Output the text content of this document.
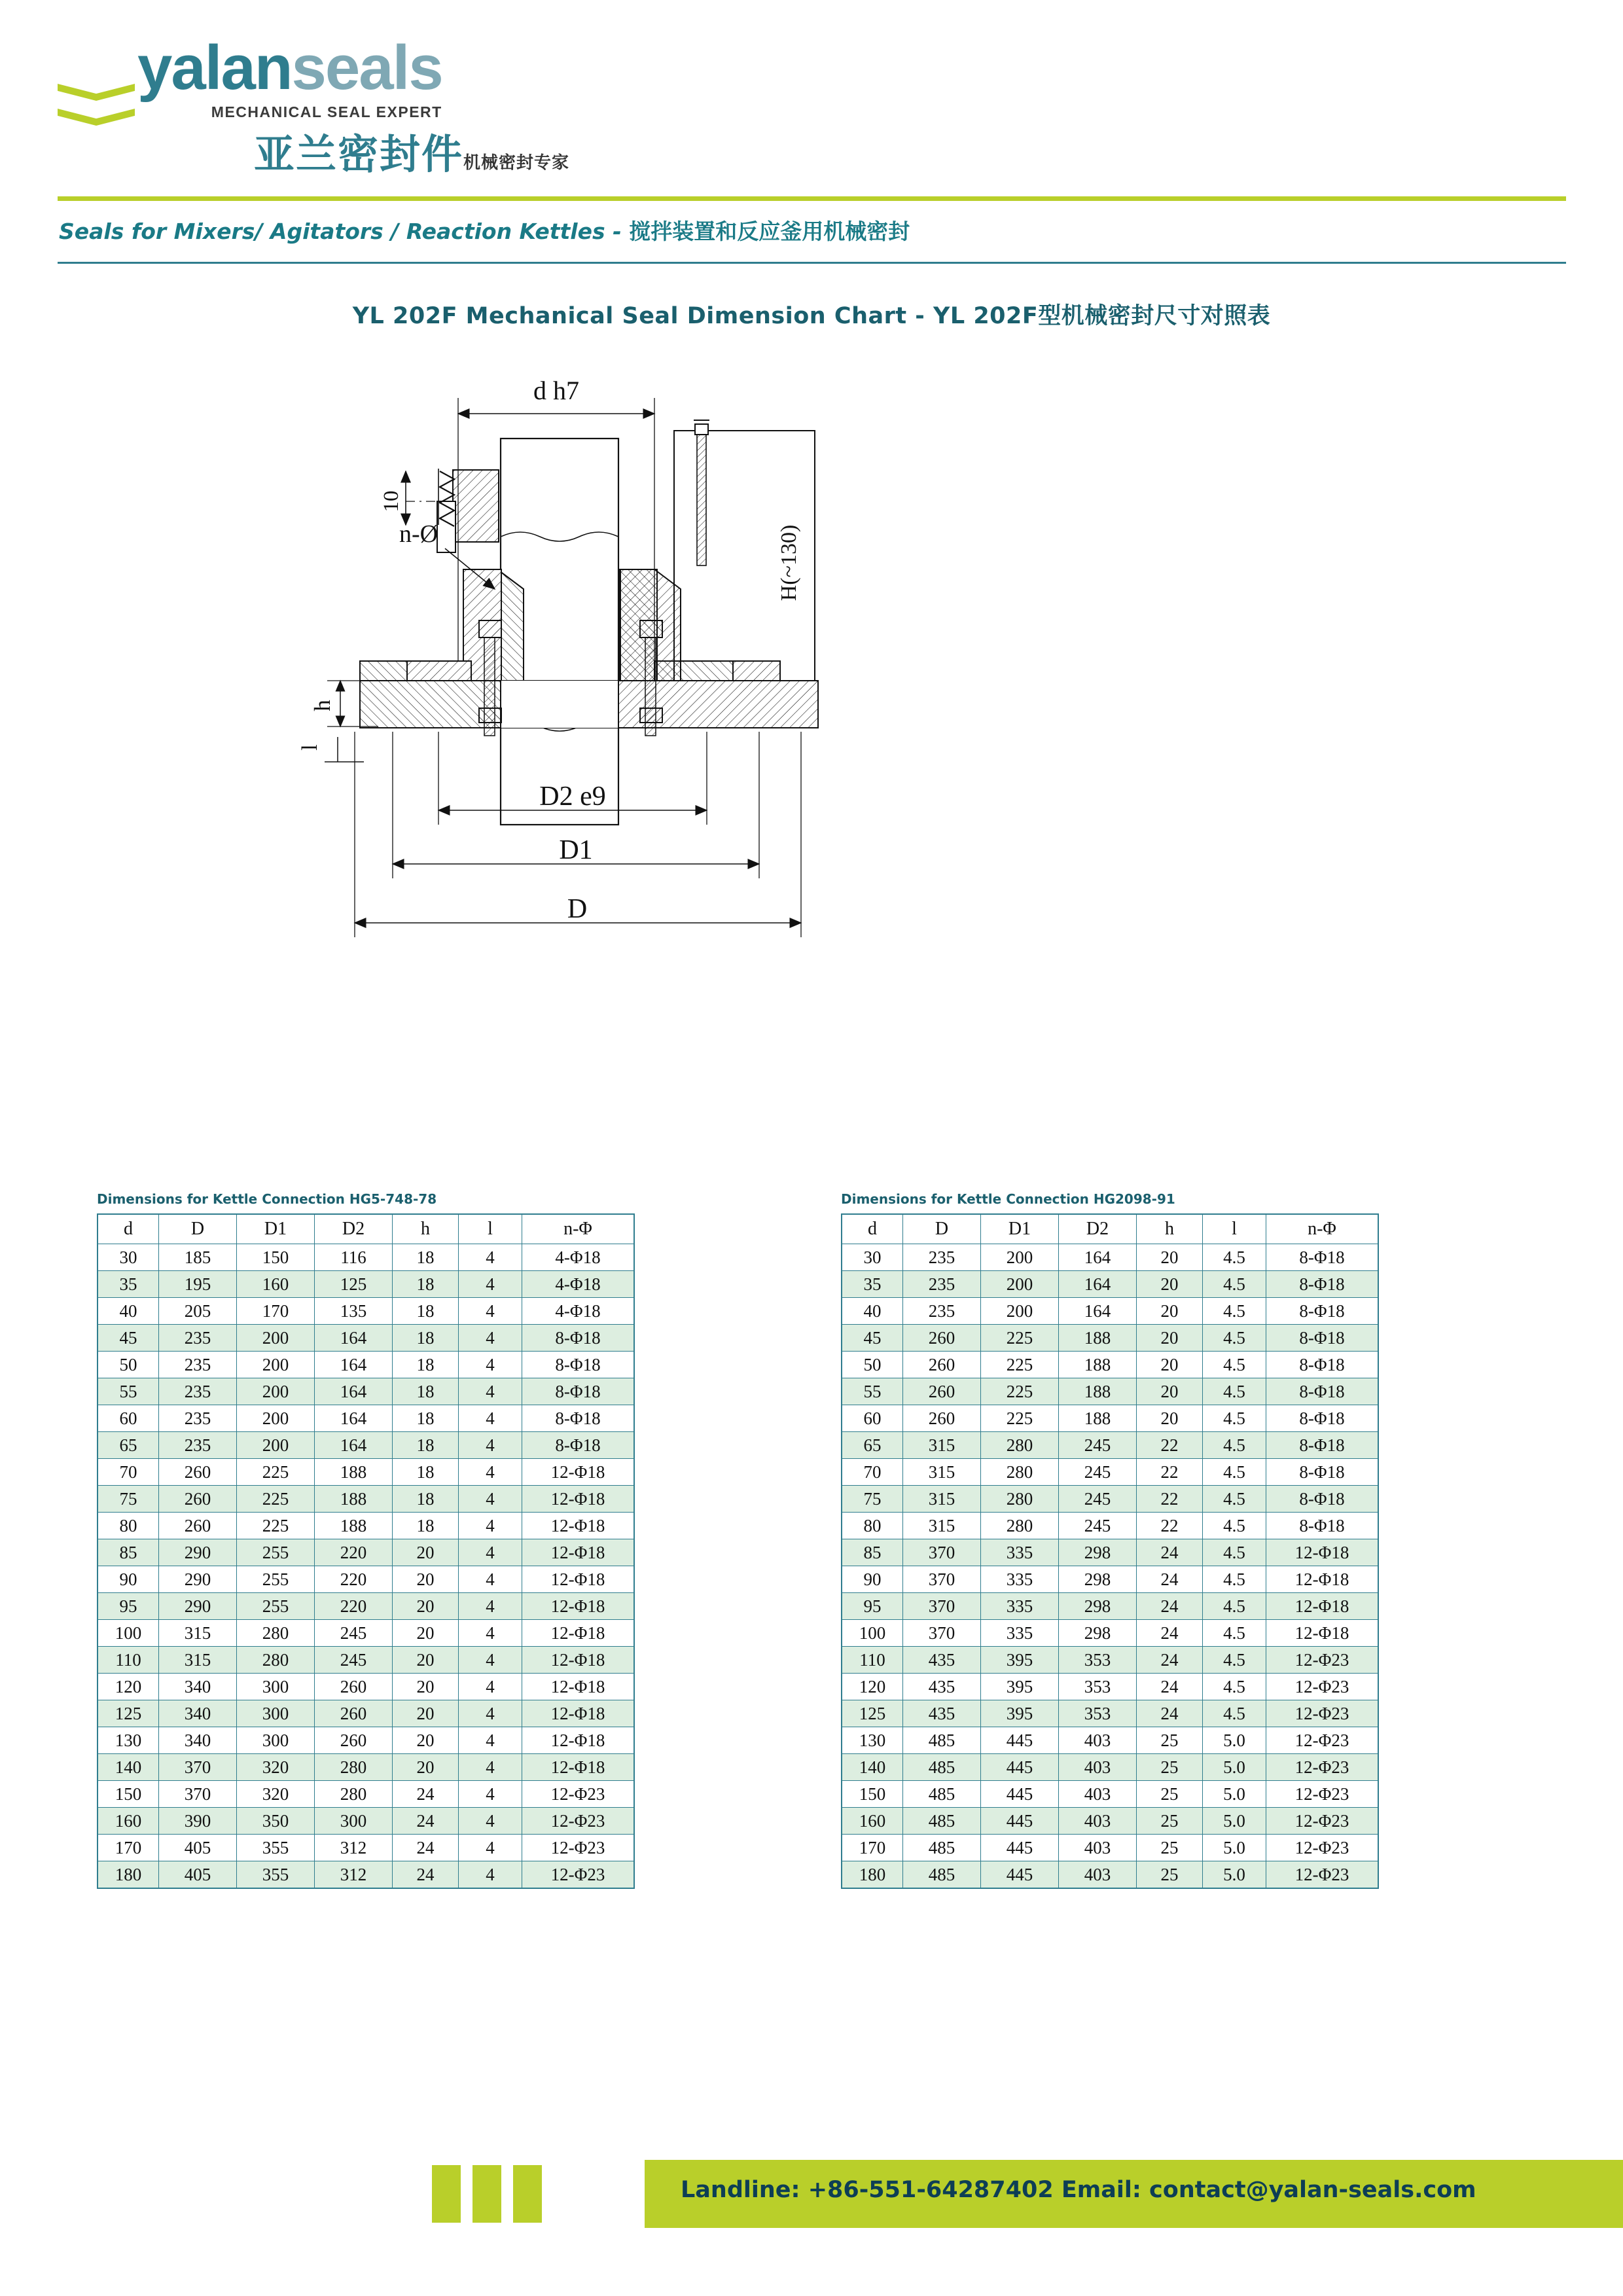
yalanseals
MECHANICAL SEAL EXPERT
亚兰密封件机械密封专家
Seals for Mixers/ Agitators / Reaction Kettles - 搅拌装置和反应釜用机械密封
YL 202F Mechanical Seal Dimension Chart - YL 202F型机械密封尺寸对照表
d h7
H(~130)
10
n-Ø
h
l
D2 e9
D1
D
Dimensions for Kettle Connection HG5-748-78
d	D	D1	D2	h	l	n-Φ
30	185	150	116	18	4	4-Φ18
35	195	160	125	18	4	4-Φ18
40	205	170	135	18	4	4-Φ18
45	235	200	164	18	4	8-Φ18
50	235	200	164	18	4	8-Φ18
55	235	200	164	18	4	8-Φ18
60	235	200	164	18	4	8-Φ18
65	235	200	164	18	4	8-Φ18
70	260	225	188	18	4	12-Φ18
75	260	225	188	18	4	12-Φ18
80	260	225	188	18	4	12-Φ18
85	290	255	220	20	4	12-Φ18
90	290	255	220	20	4	12-Φ18
95	290	255	220	20	4	12-Φ18
100	315	280	245	20	4	12-Φ18
110	315	280	245	20	4	12-Φ18
120	340	300	260	20	4	12-Φ18
125	340	300	260	20	4	12-Φ18
130	340	300	260	20	4	12-Φ18
140	370	320	280	20	4	12-Φ18
150	370	320	280	24	4	12-Φ23
160	390	350	300	24	4	12-Φ23
170	405	355	312	24	4	12-Φ23
180	405	355	312	24	4	12-Φ23
Dimensions for Kettle Connection HG2098-91
d	D	D1	D2	h	l	n-Φ
30	235	200	164	20	4.5	8-Φ18
35	235	200	164	20	4.5	8-Φ18
40	235	200	164	20	4.5	8-Φ18
45	260	225	188	20	4.5	8-Φ18
50	260	225	188	20	4.5	8-Φ18
55	260	225	188	20	4.5	8-Φ18
60	260	225	188	20	4.5	8-Φ18
65	315	280	245	22	4.5	8-Φ18
70	315	280	245	22	4.5	8-Φ18
75	315	280	245	22	4.5	8-Φ18
80	315	280	245	22	4.5	8-Φ18
85	370	335	298	24	4.5	12-Φ18
90	370	335	298	24	4.5	12-Φ18
95	370	335	298	24	4.5	12-Φ18
100	370	335	298	24	4.5	12-Φ18
110	435	395	353	24	4.5	12-Φ23
120	435	395	353	24	4.5	12-Φ23
125	435	395	353	24	4.5	12-Φ23
130	485	445	403	25	5.0	12-Φ23
140	485	445	403	25	5.0	12-Φ23
150	485	445	403	25	5.0	12-Φ23
160	485	445	403	25	5.0	12-Φ23
170	485	445	403	25	5.0	12-Φ23
180	485	445	403	25	5.0	12-Φ23
Landline: +86-551-64287402 Email: contact@yalan-seals.com
